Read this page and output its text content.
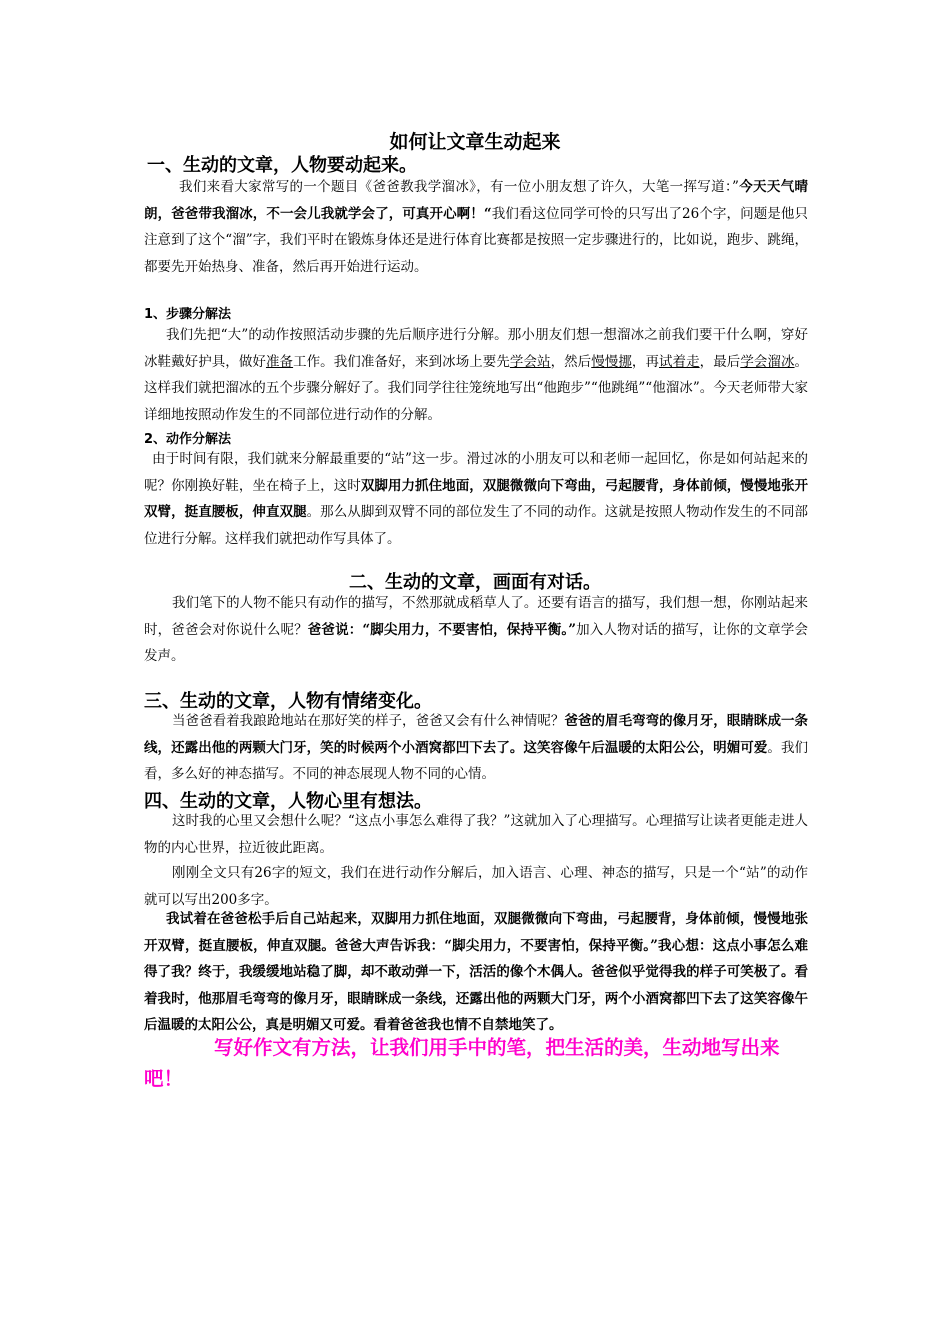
如何让文章生动起来
一、生动的文章，人物要动起来。

我们来看大家常写的一个题目《爸爸教我学溜冰》，有一位小朋友想了许久，大笔一挥写道：”今天天气晴朗，爸爸带我溜冰，不一会儿我就学会了，可真开心啊！“我们看这位同学可怜的只写出了26个字，问题是他只注意到了这个“溜”字，我们平时在锻炼身体还是进行体育比赛都是按照一定步骤进行的，比如说，跑步、跳绳，都要先开始热身、准备，然后再开始进行运动。

1、步骤分解法

我们先把“大”的动作按照活动步骤的先后顺序进行分解。那小朋友们想一想溜冰之前我们要干什么啊，穿好冰鞋戴好护具，做好准备工作。我们准备好，来到冰场上要先学会站，然后慢慢挪，再试着走，最后学会溜冰。这样我们就把溜冰的五个步骤分解好了。我们同学往往笼统地写出“他跑步”“他跳绳”“他溜冰”。今天老师带大家详细地按照动作发生的不同部位进行动作的分解。

2、动作分解法

由于时间有限，我们就来分解最重要的“站”这一步。滑过冰的小朋友可以和老师一起回忆，你是如何站起来的呢？你刚换好鞋，坐在椅子上，这时双脚用力抓住地面，双腿微微向下弯曲，弓起腰背，身体前倾，慢慢地张开双臂，挺直腰板，伸直双腿。那么从脚到双臂不同的部位发生了不同的动作。这就是按照人物动作发生的不同部位进行分解。这样我们就把动作写具体了。

二、生动的文章，画面有对话。

我们笔下的人物不能只有动作的描写，不然那就成稻草人了。还要有语言的描写，我们想一想，你刚站起来时，爸爸会对你说什么呢？爸爸说：“脚尖用力，不要害怕，保持平衡。”加入人物对话的描写，让你的文章学会发声。

三、生动的文章，人物有情绪变化。

当爸爸看着我踉跄地站在那好笑的样子，爸爸又会有什么神情呢？爸爸的眉毛弯弯的像月牙，眼睛眯成一条线，还露出他的两颗大门牙，笑的时候两个小酒窝都凹下去了。这笑容像午后温暖的太阳公公，明媚可爱。我们看，多么好的神态描写。不同的神态展现人物不同的心情。

四、生动的文章，人物心里有想法。

这时我的心里又会想什么呢？“这点小事怎么难得了我？”这就加入了心理描写。心理描写让读者更能走进人物的内心世界，拉近彼此距离。

刚刚全文只有26字的短文，我们在进行动作分解后，加入语言、心理、神态的描写，只是一个“站”的动作就可以写出200多字。

我试着在爸爸松手后自己站起来，双脚用力抓住地面，双腿微微向下弯曲，弓起腰背，身体前倾，慢慢地张开双臂，挺直腰板，伸直双腿。爸爸大声告诉我：“脚尖用力，不要害怕，保持平衡。”我心想：这点小事怎么难得了我？终于，我缓缓地站稳了脚，却不敢动弹一下，活活的像个木偶人。爸爸似乎觉得我的样子可笑极了。看着我时，他那眉毛弯弯的像月牙，眼睛眯成一条线，还露出他的两颗大门牙，两个小酒窝都凹下去了这笑容像午后温暖的太阳公公，真是明媚又可爱。看着爸爸我也情不自禁地笑了。

写好作文有方法，让我们用手中的笔，把生活的美，生动地写出来吧！
